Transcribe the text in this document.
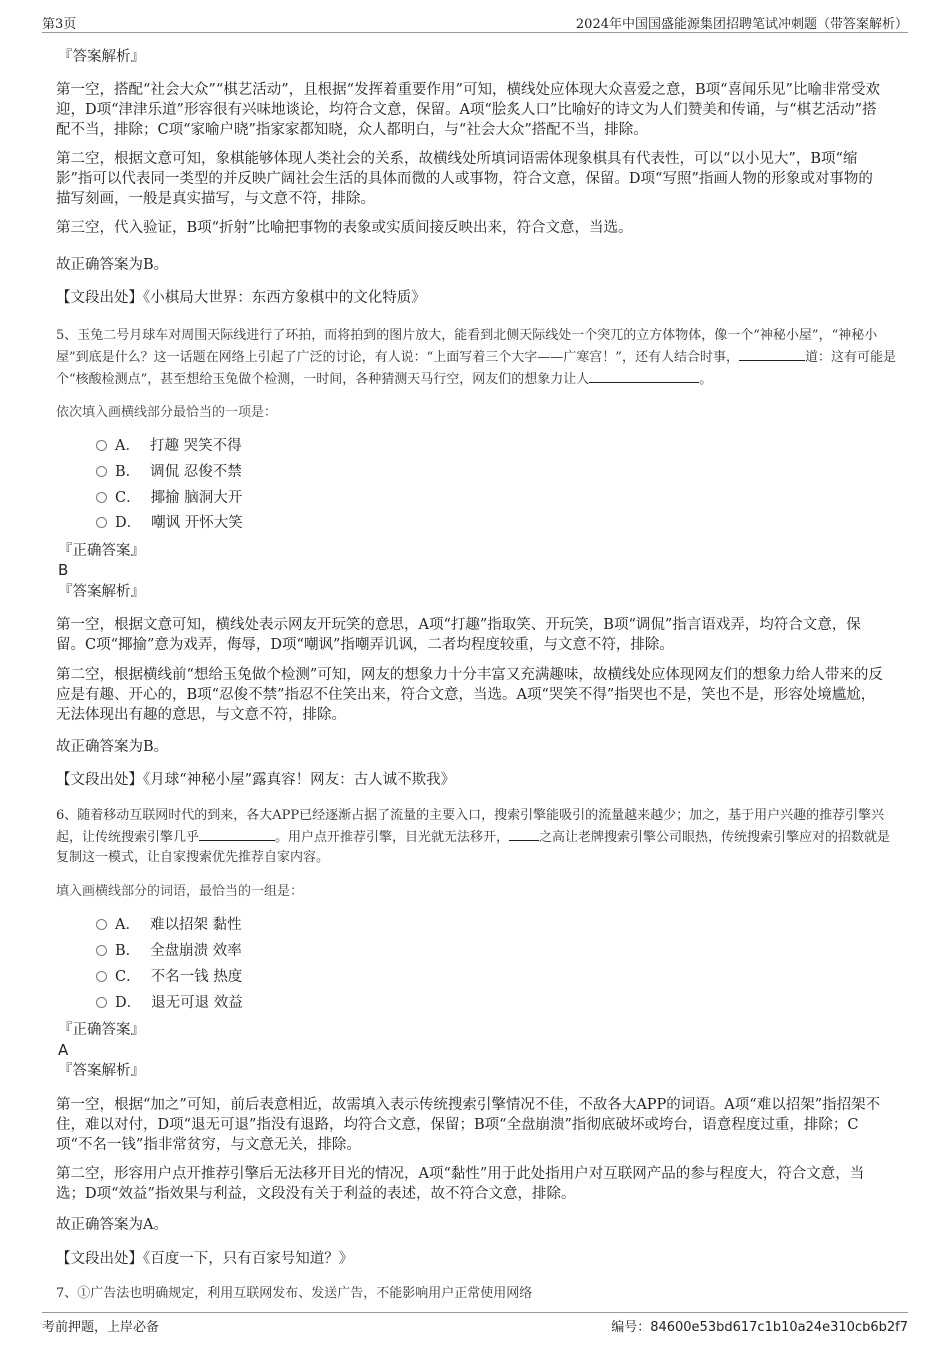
第3页	2024年中国国盛能源集团招聘笔试冲刺题（带答案解析）
『答案解析』
第一空，搭配“社会大众”“棋艺活动”，且根据“发挥着重要作用”可知，横线处应体现大众喜爱之意，B项“喜闻乐见”比喻非常受欢迎，D项“津津乐道”形容很有兴味地谈论，均符合文意，保留。A项“脍炙人口”比喻好的诗文为人们赞美和传诵，与“棋艺活动”搭配不当，排除；C项“家喻户晓”指家家都知晓，众人都明白，与“社会大众”搭配不当，排除。
第二空，根据文意可知，象棋能够体现人类社会的关系，故横线处所填词语需体现象棋具有代表性，可以“以小见大”，B项“缩影”指可以代表同一类型的并反映广阔社会生活的具体而微的人或事物，符合文意，保留。D项“写照”指画人物的形象或对事物的描写刻画，一般是真实描写，与文意不符，排除。
第三空，代入验证，B项“折射”比喻把事物的表象或实质间接反映出来，符合文意，当选。
故正确答案为B。
【文段出处】《小棋局大世界：东西方象棋中的文化特质》
5、玉兔二号月球车对周围天际线进行了环拍，而将拍到的图片放大，能看到北侧天际线处一个突兀的立方体物体，像一个“神秘小屋”，“神秘小屋”到底是什么？这一话题在网络上引起了广泛的讨论，有人说：“上面写着三个大字——广寒宫！”，还有人结合时事，	道：这有可能是个“核酸检测点”，甚至想给玉兔做个检测，一时间，各种猜测天马行空，网友们的想象力让人	。
依次填入画横线部分最恰当的一项是：
A． 打趣 哭笑不得
B． 调侃 忍俊不禁
C． 揶揄 脑洞大开
D． 嘲讽 开怀大笑
『正确答案』
B
『答案解析』
第一空，根据文意可知，横线处表示网友开玩笑的意思，A项“打趣”指取笑、开玩笑，B项“调侃”指言语戏弄，均符合文意，保留。C项“揶揄”意为戏弄，侮辱，D项“嘲讽”指嘲弄讥讽，二者均程度较重，与文意不符，排除。
第二空，根据横线前“想给玉兔做个检测”可知，网友的想象力十分丰富又充满趣味，故横线处应体现网友们的想象力给人带来的反应是有趣、开心的，B项“忍俊不禁”指忍不住笑出来，符合文意，当选。A项“哭笑不得”指哭也不是，笑也不是，形容处境尴尬，无法体现出有趣的意思，与文意不符，排除。
故正确答案为B。
【文段出处】《月球“神秘小屋”露真容！网友：古人诚不欺我》
6、随着移动互联网时代的到来，各大APP已经逐渐占据了流量的主要入口，搜索引擎能吸引的流量越来越少；加之，基于用户兴趣的推荐引擎兴起，让传统搜索引擎几乎	。用户点开推荐引擎，目光就无法移开， 之高让老牌搜索引擎公司眼热，传统搜索引擎应对的招数就是复制这一模式，让自家搜索优先推荐自家内容。
填入画横线部分的词语，最恰当的一组是：
A． 难以招架 黏性
B． 全盘崩溃 效率
C． 不名一钱 热度
D． 退无可退 效益
『正确答案』
A
『答案解析』
第一空，根据“加之”可知，前后表意相近，故需填入表示传统搜索引擎情况不佳，不敌各大APP的词语。A项“难以招架”指招架不住，难以对付，D项“退无可退”指没有退路，均符合文意，保留；B项“全盘崩溃”指彻底破坏或垮台，语意程度过重，排除；C项“不名一钱”指非常贫穷，与文意无关，排除。
第二空，形容用户点开推荐引擎后无法移开目光的情况，A项“黏性”用于此处指用户对互联网产品的参与程度大，符合文意，当选；D项“效益”指效果与利益，文段没有关于利益的表述，故不符合文意，排除。
故正确答案为A。
【文段出处】《百度一下，只有百家号知道？》
7、①广告法也明确规定，利用互联网发布、发送广告，不能影响用户正常使用网络
考前押题，上岸必备	编号：84600e53bd617c1b10a24e310cb6b2f7
